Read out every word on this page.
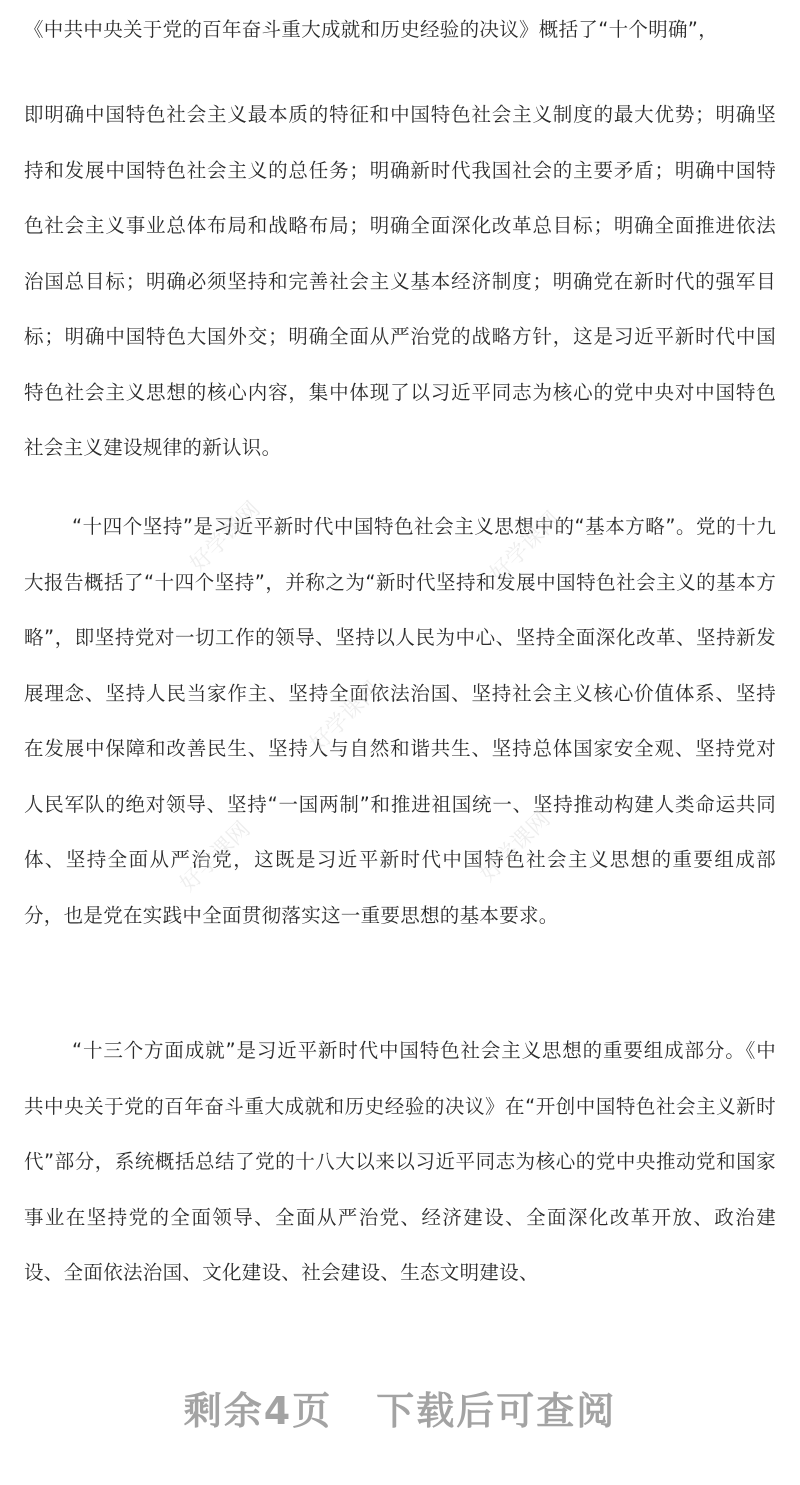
《中共中央关于党的百年奋斗重大成就和历史经验的决议》概括了“十个明确”，

即明确中国特色社会主义最本质的特征和中国特色社会主义制度的最大优势；明确坚持和发展中国特色社会主义的总任务；明确新时代我国社会的主要矛盾；明确中国特色社会主义事业总体布局和战略布局；明确全面深化改革总目标；明确全面推进依法治国总目标；明确必须坚持和完善社会主义基本经济制度；明确党在新时代的强军目标；明确中国特色大国外交；明确全面从严治党的战略方针，这是习近平新时代中国特色社会主义思想的核心内容，集中体现了以习近平同志为核心的党中央对中国特色社会主义建设规律的新认识。

“十四个坚持”是习近平新时代中国特色社会主义思想中的“基本方略”。党的十九大报告概括了“十四个坚持”，并称之为“新时代坚持和发展中国特色社会主义的基本方略”，即坚持党对一切工作的领导、坚持以人民为中心、坚持全面深化改革、坚持新发展理念、坚持人民当家作主、坚持全面依法治国、坚持社会主义核心价值体系、坚持在发展中保障和改善民生、坚持人与自然和谐共生、坚持总体国家安全观、坚持党对人民军队的绝对领导、坚持“一国两制”和推进祖国统一、坚持推动构建人类命运共同体、坚持全面从严治党，这既是习近平新时代中国特色社会主义思想的重要组成部分，也是党在实践中全面贯彻落实这一重要思想的基本要求。

“十三个方面成就”是习近平新时代中国特色社会主义思想的重要组成部分。《中共中央关于党的百年奋斗重大成就和历史经验的决议》在“开创中国特色社会主义新时代”部分，系统概括总结了党的十八大以来以习近平同志为核心的党中央推动党和国家事业在坚持党的全面领导、全面从严治党、经济建设、全面深化改革开放、政治建设、全面依法治国、文化建设、社会建设、生态文明建设、

好学课网	好学课网
好学课网
好学课网	好学课网
剩余4页 下载后可查阅
